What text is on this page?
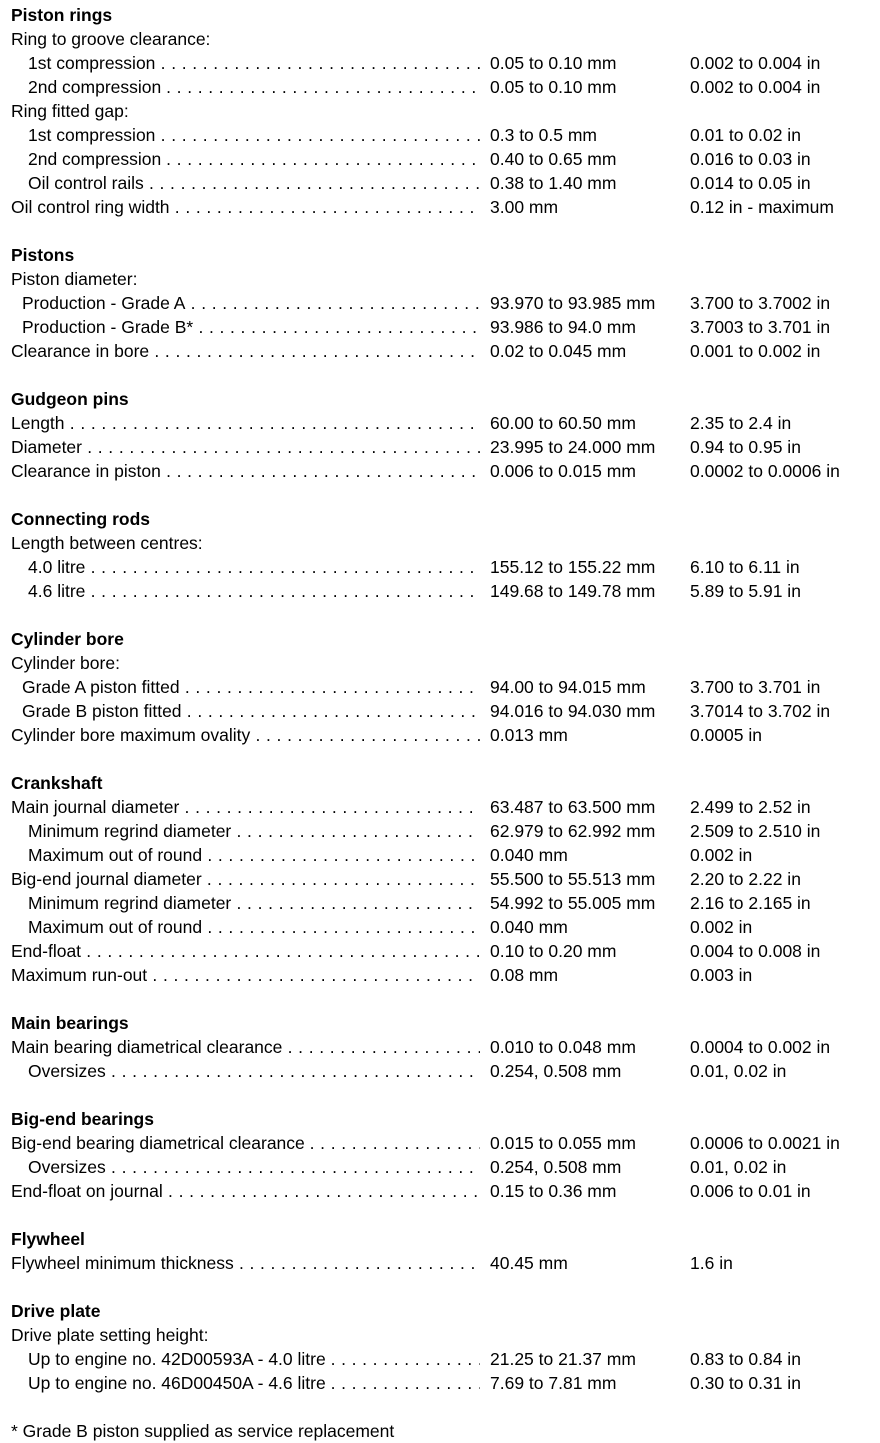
Piston rings
Ring to groove clearance:
1st compression . . .	0.05 to 0.10 mm	0.002 to 0.004 in
2nd compression . . .	0.05 to 0.10 mm	0.002 to 0.004 in
Ring fitted gap:
1st compression . . .	0.3 to 0.5 mm	0.01 to 0.02 in
2nd compression . . .	0.40 to 0.65 mm	0.016 to 0.03 in
Oil control rails . . .	0.38 to 1.40 mm	0.014 to 0.05 in
Oil control ring width . . .	3.00 mm	0.12 in - maximum
Pistons
Piston diameter:
Production - Grade A . . .	93.970 to 93.985 mm 3.700 to 3.7002 in
Production - Grade B* . . .	93.986 to 94.0 mm	3.7003 to 3.701 in
Clearance in bore . . .	0.02 to 0.045 mm	0.001 to 0.002 in
Gudgeon pins
Length . . .	60.00 to 60.50 mm	2.35 to 2.4 in
Diameter . . .	23.995 to 24.000 mm 0.94 to 0.95 in
Clearance in piston . . .	0.006 to 0.015 mm	0.0002 to 0.0006 in
Connecting rods
Length between centres:
4.0 litre . . .	155.12 to 155.22 mm 6.10 to 6.11 in
4.6 litre . . .	149.68 to 149.78 mm 5.89 to 5.91 in
Cylinder bore
Cylinder bore:
Grade A piston fitted . . .	94.00 to 94.015 mm	3.700 to 3.701 in
Grade B piston fitted . . .	94.016 to 94.030 mm 3.7014 to 3.702 in
Cylinder bore maximum ovality . . .	0.013 mm	0.0005 in
Crankshaft
Main journal diameter . . .	63.487 to 63.500 mm 2.499 to 2.52 in
Minimum regrind diameter . . .	62.979 to 62.992 mm 2.509 to 2.510 in
Maximum out of round . . .	0.040 mm	0.002 in
Big-end journal diameter . . .	55.500 to 55.513 mm 2.20 to 2.22 in
Minimum regrind diameter . . .	54.992 to 55.005 mm 2.16 to 2.165 in
Maximum out of round . . .	0.040 mm	0.002 in
End-float . . .	0.10 to 0.20 mm	0.004 to 0.008 in
Maximum run-out . . .	0.08 mm	0.003 in
Main bearings
Main bearing diametrical clearance . . .	0.010 to 0.048 mm	0.0004 to 0.002 in
Oversizes . . .	0.254, 0.508 mm	0.01, 0.02 in
Big-end bearings
Big-end bearing diametrical clearance . . .	0.015 to 0.055 mm	0.0006 to 0.0021 in
Oversizes . . .	0.254, 0.508 mm	0.01, 0.02 in
End-float on journal . . .	0.15 to 0.36 mm	0.006 to 0.01 in
Flywheel
Flywheel minimum thickness . . .	40.45 mm	1.6 in
Drive plate
Drive plate setting height:
Up to engine no. 42D00593A - 4.0 litre . . .	21.25 to 21.37 mm	0.83 to 0.84 in
Up to engine no. 46D00450A - 4.6 litre . . .	7.69 to 7.81 mm	0.30 to 0.31 in
* Grade B piston supplied as service replacement
